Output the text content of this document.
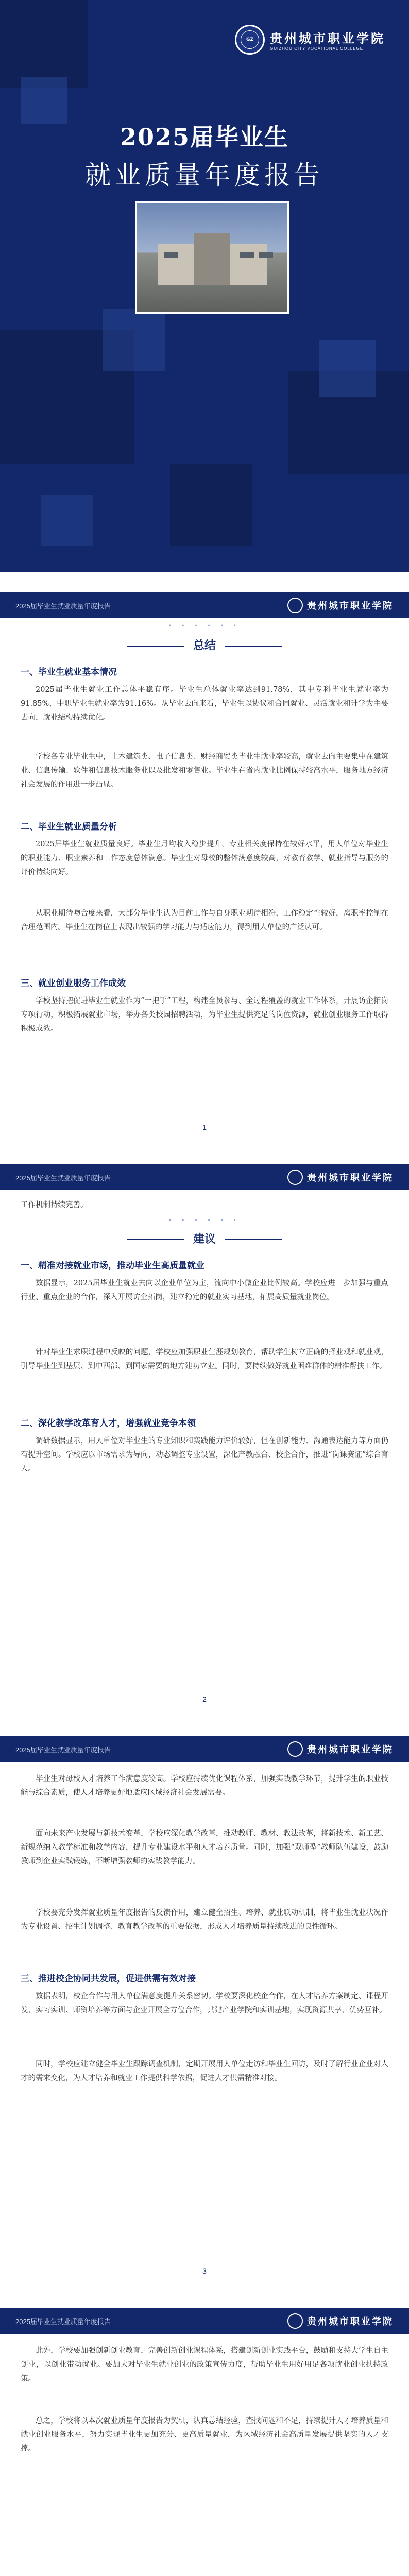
GZ	贵州城市职业学院
GUIZHOU CITY VOCATIONAL COLLEGE
2025届毕业生
就业质量年度报告
2025届毕业生就业质量年度报告	贵州城市职业学院
• • • • • •
总结
一、毕业生就业基本情况

2025届毕业生就业工作总体平稳有序。毕业生总体就业率达到91.78%，其中专科毕业生就业率为91.85%，中职毕业生就业率为91.16%。从毕业去向来看，毕业生以协议和合同就业、灵活就业和升学为主要去向，就业结构持续优化。

学校各专业毕业生中，土木建筑类、电子信息类、财经商贸类毕业生就业率较高，就业去向主要集中在建筑业、信息传输、软件和信息技术服务业以及批发和零售业。毕业生在省内就业比例保持较高水平，服务地方经济社会发展的作用进一步凸显。

二、毕业生就业质量分析

2025届毕业生就业质量良好。毕业生月均收入稳步提升，专业相关度保持在较好水平，用人单位对毕业生的职业能力、职业素养和工作态度总体满意。毕业生对母校的整体满意度较高，对教育教学、就业指导与服务的评价持续向好。

从职业期待吻合度来看，大部分毕业生认为目前工作与自身职业期待相符，工作稳定性较好，离职率控制在合理范围内。毕业生在岗位上表现出较强的学习能力与适应能力，得到用人单位的广泛认可。

三、就业创业服务工作成效

学校坚持把促进毕业生就业作为“一把手”工程，构建全员参与、全过程覆盖的就业工作体系，开展访企拓岗专项行动，积极拓展就业市场，举办各类校园招聘活动，为毕业生提供充足的岗位资源，就业创业服务工作取得积极成效。

1
2025届毕业生就业质量年度报告	贵州城市职业学院

工作机制持续完善。

• • • • • •
建议
一、精准对接就业市场，推动毕业生高质量就业

数据显示，2025届毕业生就业去向以企业单位为主，流向中小微企业比例较高。学校应进一步加强与重点行业、重点企业的合作，深入开展访企拓岗，建立稳定的就业实习基地，拓展高质量就业岗位。

针对毕业生求职过程中反映的问题，学校应加强职业生涯规划教育，帮助学生树立正确的择业观和就业观，引导毕业生到基层、到中西部、到国家需要的地方建功立业。同时，要持续做好就业困难群体的精准帮扶工作。

二、深化教学改革育人才，增强就业竞争本领

调研数据显示，用人单位对毕业生的专业知识和实践能力评价较好，但在创新能力、沟通表达能力等方面仍有提升空间。学校应以市场需求为导向，动态调整专业设置，深化产教融合、校企合作，推进“岗课赛证”综合育人。

2
2025届毕业生就业质量年度报告	贵州城市职业学院

毕业生对母校人才培养工作满意度较高。学校应持续优化课程体系，加强实践教学环节，提升学生的职业技能与综合素质，使人才培养更好地适应区域经济社会发展需要。

面向未来产业发展与新技术变革，学校应深化教学改革，推动教师、教材、教法改革，将新技术、新工艺、新规范纳入教学标准和教学内容，提升专业建设水平和人才培养质量。同时，加强“双师型”教师队伍建设，鼓励教师到企业实践锻炼，不断增强教师的实践教学能力。

学校要充分发挥就业质量年度报告的反馈作用，建立健全招生、培养、就业联动机制，将毕业生就业状况作为专业设置、招生计划调整、教育教学改革的重要依据，形成人才培养质量持续改进的良性循环。

三、推进校企协同共发展，促进供需有效对接

数据表明，校企合作与用人单位满意度提升关系密切。学校要深化校企合作，在人才培养方案制定、课程开发、实习实训、师资培养等方面与企业开展全方位合作，共建产业学院和实训基地，实现资源共享、优势互补。

同时，学校应建立健全毕业生跟踪调查机制，定期开展用人单位走访和毕业生回访，及时了解行业企业对人才的需求变化，为人才培养和就业工作提供科学依据，促进人才供需精准对接。

3
2025届毕业生就业质量年度报告	贵州城市职业学院

此外，学校要加强创新创业教育，完善创新创业课程体系，搭建创新创业实践平台，鼓励和支持大学生自主创业，以创业带动就业。要加大对毕业生就业创业的政策宣传力度，帮助毕业生用好用足各项就业创业扶持政策。

总之，学校将以本次就业质量年度报告为契机，认真总结经验，查找问题和不足，持续提升人才培养质量和就业创业服务水平，努力实现毕业生更加充分、更高质量就业，为区域经济社会高质量发展提供坚实的人才支撑。
